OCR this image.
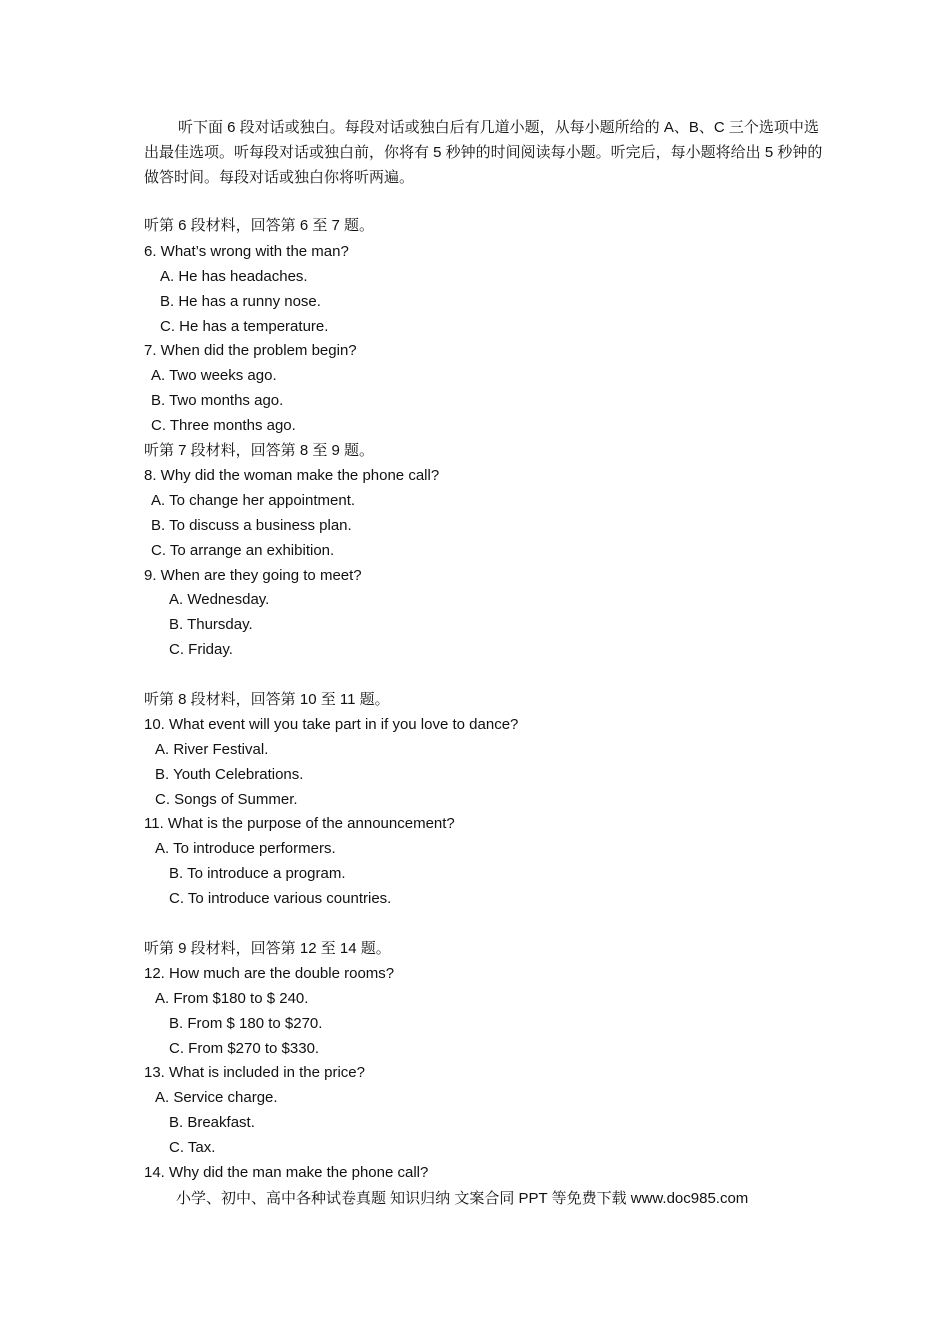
听下面 6 段对话或独白。每段对话或独白后有几道小题，从每小题所给的 A、B、C 三个选项中选出最佳选项。听每段对话或独白前，你将有 5 秒钟的时间阅读每小题。听完后，每小题将给出 5 秒钟的做答时间。每段对话或独白你将听两遍。
听第 6 段材料，回答第 6 至 7 题。
6. What’s wrong with the man?
A. He has headaches.
B. He has a runny nose.
C. He has a temperature.
7. When did the problem begin?
A. Two weeks ago.
B. Two months ago.
C. Three months ago.
听第 7 段材料，回答第 8 至 9 题。
8. Why did the woman make the phone call?
A. To change her appointment.
B. To discuss a business plan.
C. To arrange an exhibition.
9. When are they going to meet?
A. Wednesday.
B. Thursday.
C. Friday.
听第 8 段材料，回答第 10 至 11 题。
10. What event will you take part in if you love to dance?
A. River Festival.
B. Youth Celebrations.
C. Songs of Summer.
11. What is the purpose of the announcement?
A. To introduce performers.
B. To introduce a program.
C. To introduce various countries.
听第 9 段材料，回答第 12 至 14 题。
12. How much are the double rooms?
A. From $180 to $ 240.
B. From $ 180 to $270.
C. From $270 to $330.
13. What is included in the price?
A. Service charge.
B. Breakfast.
C. Tax.
14. Why did the man make the phone call?
小学、初中、高中各种试卷真题 知识归纳 文案合同 PPT 等免费下载 www.doc985.com
